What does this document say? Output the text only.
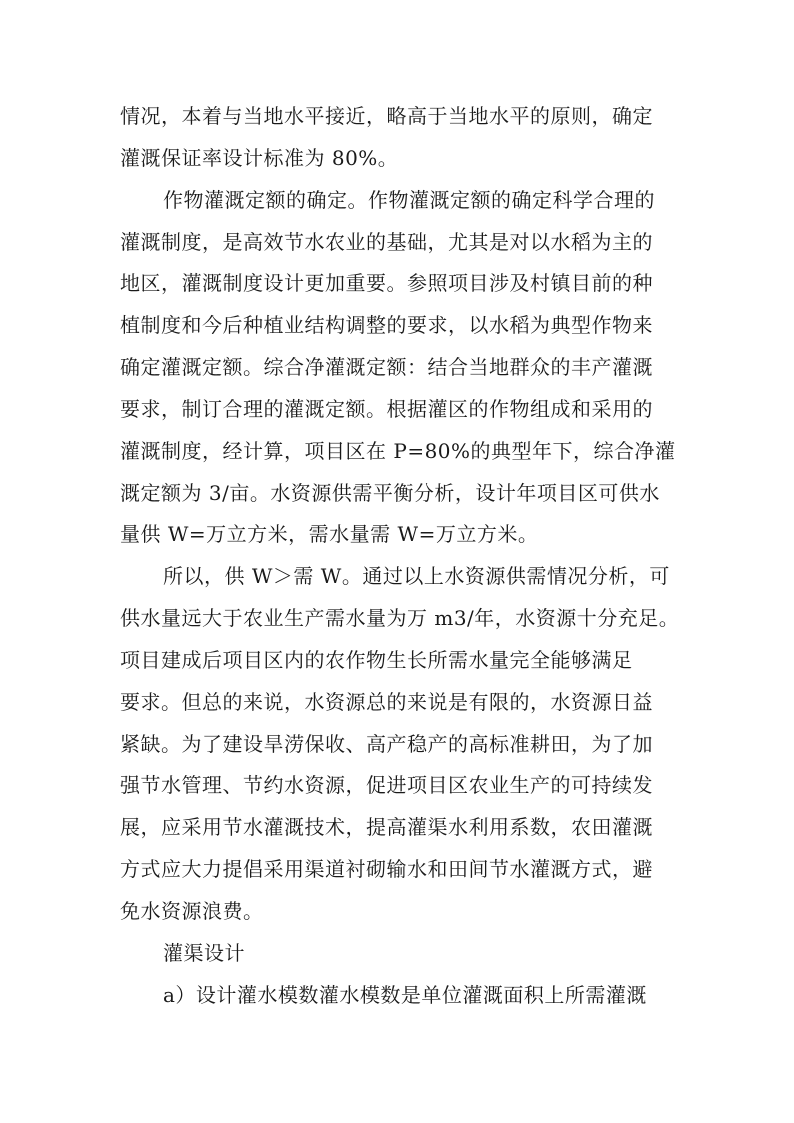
情况，本着与当地水平接近，略高于当地水平的原则，确定

灌溉保证率设计标准为 80%。

作物灌溉定额的确定。作物灌溉定额的确定科学合理的

灌溉制度，是高效节水农业的基础，尤其是对以水稻为主的

地区，灌溉制度设计更加重要。参照项目涉及村镇目前的种

植制度和今后种植业结构调整的要求，以水稻为典型作物来

确定灌溉定额。综合净灌溉定额：结合当地群众的丰产灌溉

要求，制订合理的灌溉定额。根据灌区的作物组成和采用的

灌溉制度，经计算，项目区在 P=80%的典型年下，综合净灌

溉定额为 3/亩。水资源供需平衡分析，设计年项目区可供水

量供 W=万立方米，需水量需 W=万立方米。

所以，供 W＞需 W。通过以上水资源供需情况分析，可

供水量远大于农业生产需水量为万 m3/年，水资源十分充足。

项目建成后项目区内的农作物生长所需水量完全能够满足

要求。但总的来说，水资源总的来说是有限的，水资源日益

紧缺。为了建设旱涝保收、高产稳产的高标准耕田，为了加

强节水管理、节约水资源，促进项目区农业生产的可持续发

展，应采用节水灌溉技术，提高灌渠水利用系数，农田灌溉

方式应大力提倡采用渠道衬砌输水和田间节水灌溉方式，避

免水资源浪费。

灌渠设计

a）设计灌水模数灌水模数是单位灌溉面积上所需灌溉
